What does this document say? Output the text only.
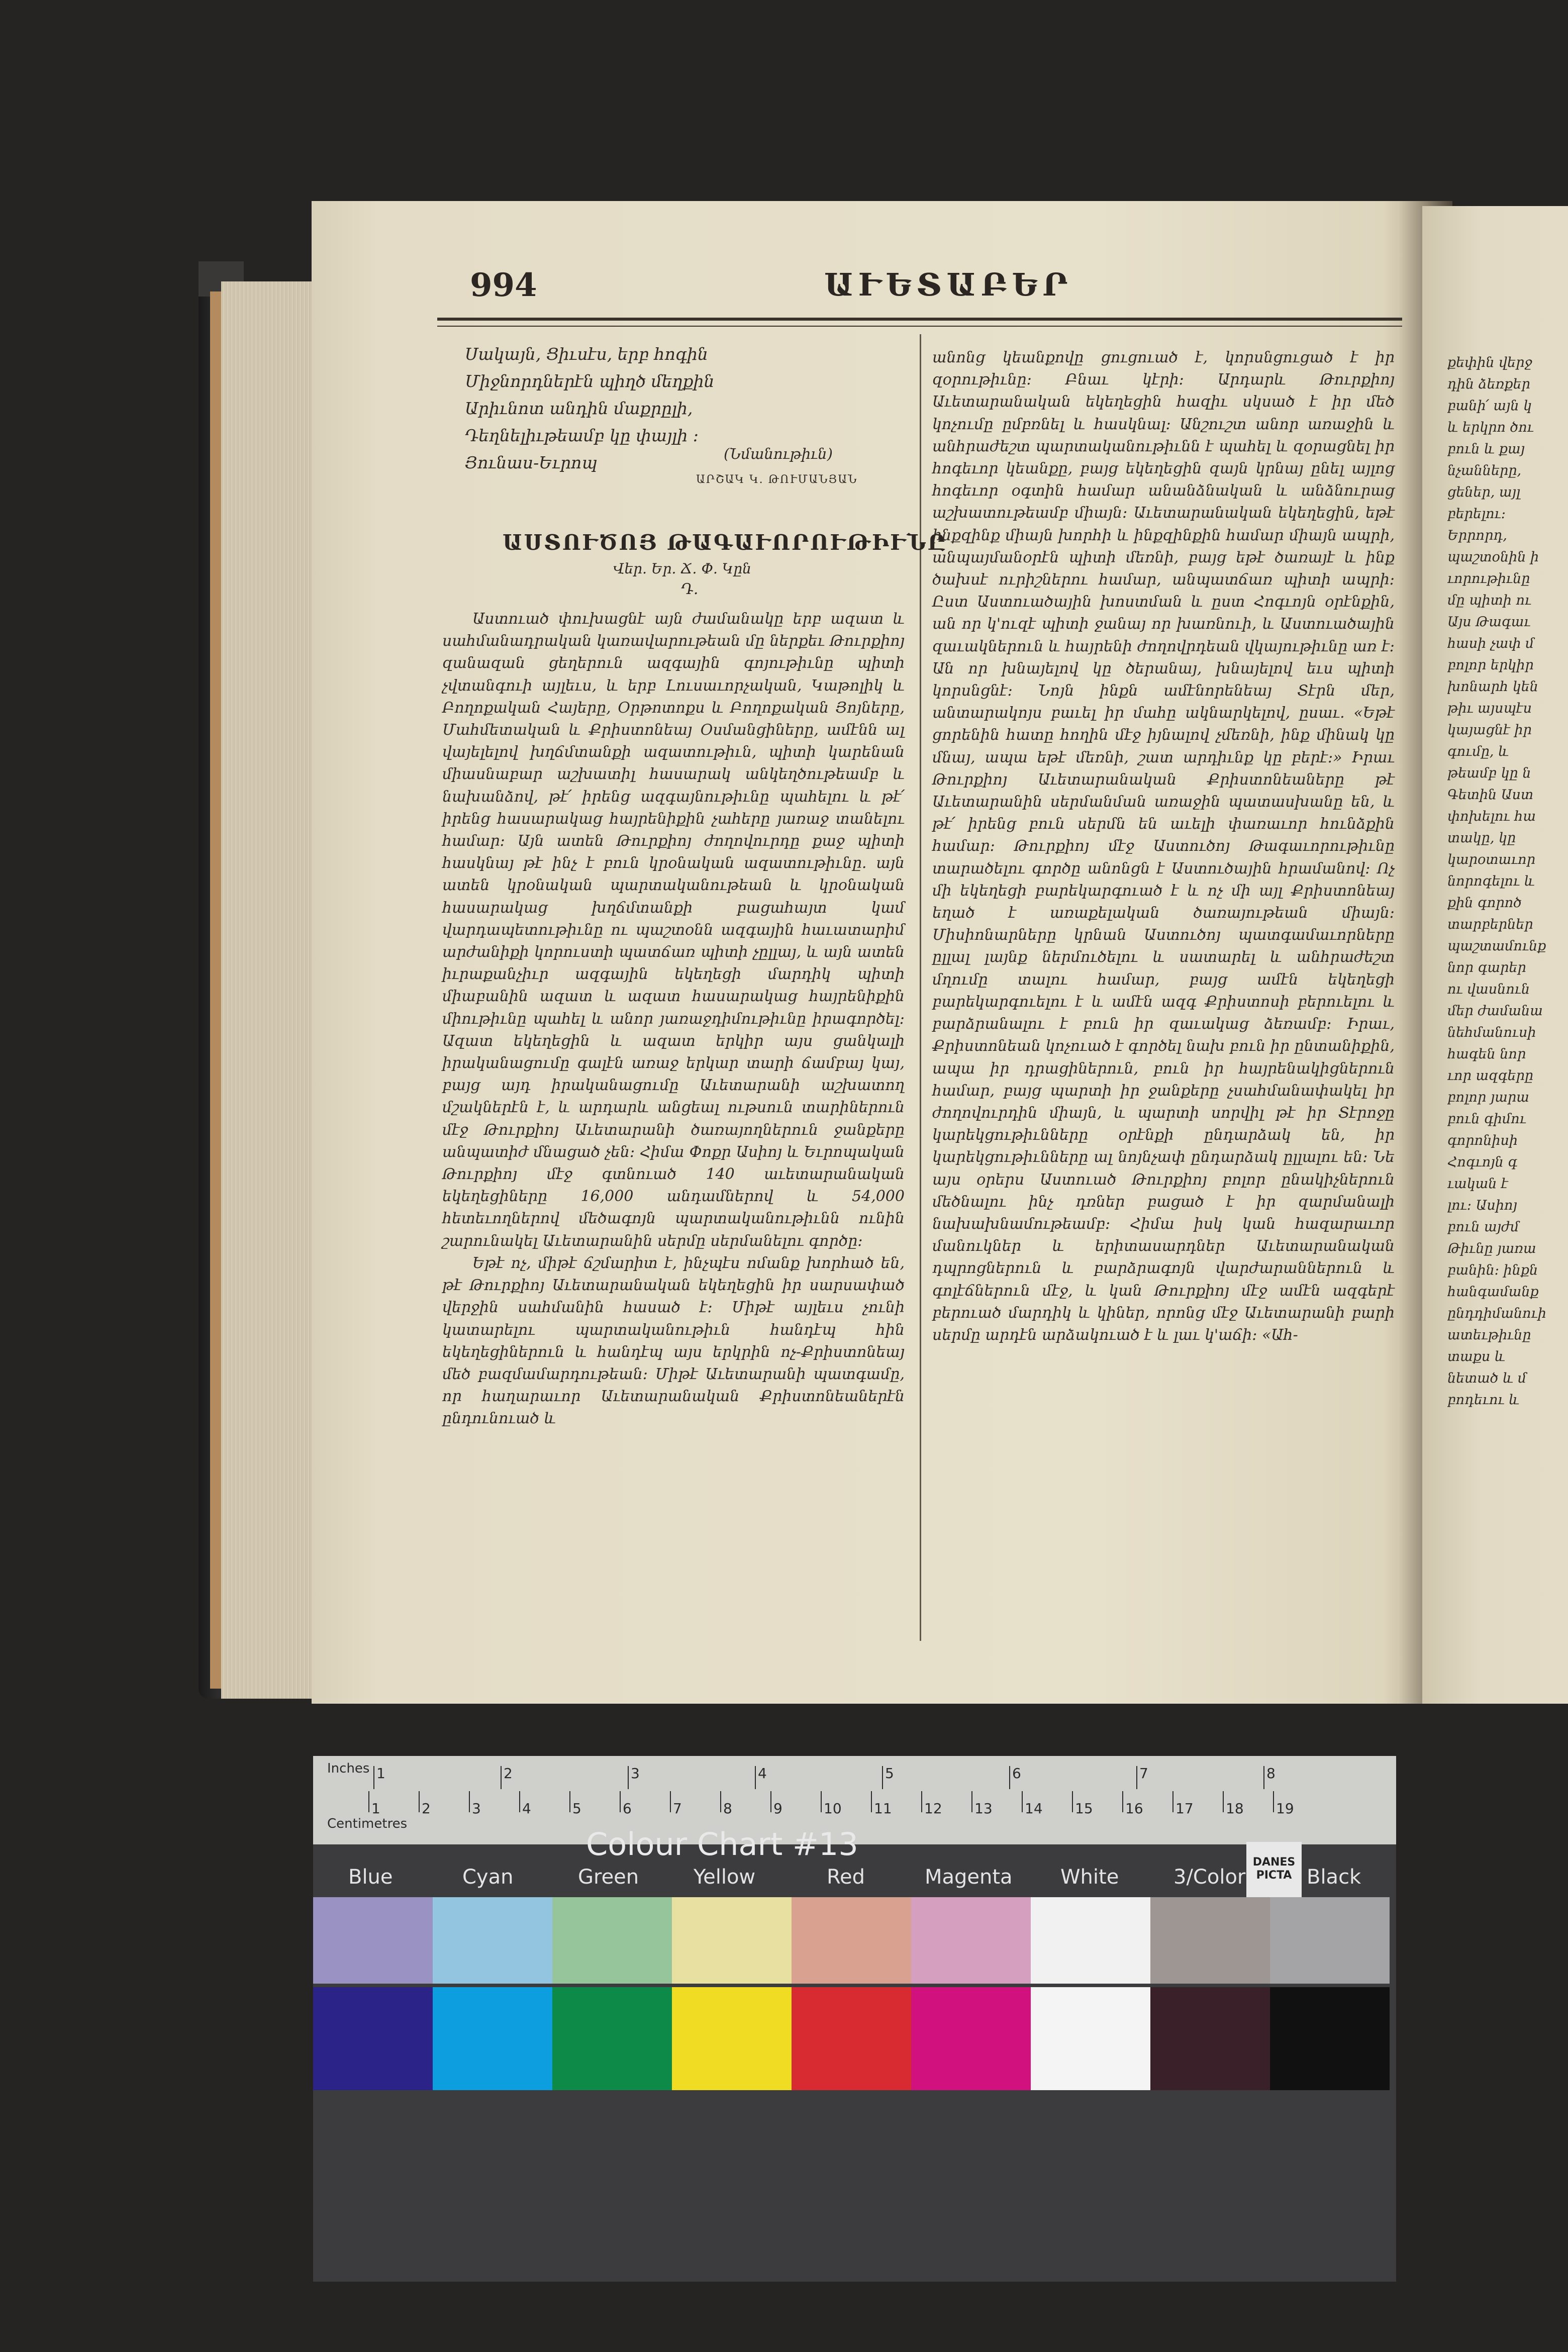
994	ԱՒԵՏԱԲԵՐ
Սակայն, Ցիւսէս, երբ հոգին
Միջնորդներէն պիղծ մեղքին
Արիւնոտ անդին մաքրըլի,
Դեղնելիւթեամբ կը փայլի ։
Յունաս-Եւրոպ	(Նմանութիւն)
ԱՐՇԱԿ Կ. ԹՈՒՄԱՆՅԱՆ
ԱՍՏՈՒԾՈՅ ԹԱԳԱՒՈՐՈՒԹԻՒՆԸ
Վեր. Եր. Ճ. Փ. Կըն
Դ.

Աստուած փուխացնէ այն ժամանակը երբ ազատ և սահմանադրական կառավարութեան մը ներքեւ Թուրքիոյ զանազան ցեղերուն ազգային գոյութիւնը պիտի չվտանգուի այլեւս, և երբ Լուսաւորչական, Կաթոլիկ և Բողոքական Հայերը, Օրթոտոքս և Բողոքական Յոյները, Մահմետական և Քրիստոնեայ Օսմանցիները, ամէնն ալ վայելելով խղճմտանքի ազատութիւն, պիտի կարենան միասնաբար աշխատիլ հասարակ անկեղծութեամբ և նախանձով, թէ՛ իրենց ազգայնութիւնը պահելու և թէ՛ իրենց հասարակաց հայրենիքին չահերը յառաջ տանելու համար։ Այն ատեն Թուրքիոյ ժողովուրդը քաջ պիտի հասկնայ թէ ինչ է բուն կրօնական ազատութիւնը. այն ատեն կրօնական պարտականութեան և կրօնական հասարակաց խղճմտանքի բացահայտ կամ վարդապետութիւնը ու պաշտօնն ազգային հաւատարիմ արժանիքի կորուստի պատճառ պիտի չըլլայ, և այն ատեն իւրաքանչիւր ազգային եկեղեցի մարդիկ պիտի միաբանին ազատ և ազատ հասարակաց հայրենիքին միութիւնը պահել և անոր յառաջդիմութիւնը իրագործել։ Ազատ եկեղեցին և ազատ երկիր այս ցանկալի իրականացումը գալէն առաջ երկար տարի ճամբայ կայ, բայց այդ իրականացումը Աւետարանի աշխատող մշակներէն է, և արդարև անցեալ ութսուն տարիներուն մէջ Թուրքիոյ Աւետարանի ծառայողներուն ջանքերը անպատիժ մնացած չեն։ Հիմա Փոքր Ասիոյ և Եւրոպական Թուրքիոյ մէջ գտնուած 140 աւետարանական եկեղեցիները 16,000 անդամներով և 54,000 հետեւողներով մեծագոյն պարտականութիւնն ունին շարունակել Աւետարանին սերմը սերմանելու գործը։

Եթէ ոչ, միթէ ճշմարիտ է, ինչպէս ոմանք խորհած են, թէ Թուրքիոյ Աւետարանական եկեղեցին իր սարսափած վերջին սահմանին հասած է։ Միթէ այլեւս չունի կատարելու պարտականութիւն հանդէպ հին եկեղեցիներուն և հանդէպ այս երկրին ոչ-Քրիստոնեայ մեծ բազմամարդութեան։ Միթէ Աւետարանի պատգամը, որ հաղարաւոր Աւետարանական Քրիստոնեաներէն ընդունուած և

անոնց կեանքովը ցուցուած է, կորսնցուցած է իր զօրութիւնը։ Բնաւ կէրի։ Արդարև Թուրքիոյ Աւետարանական եկեղեցին հազիւ սկսած է իր մեծ կոչումը ըմբռնել և հասկնալ։ Անշուշտ անոր առաջին և անհրաժեշտ պարտականութիւնն է պահել և զօրացնել իր հոգեւոր կեանքը, բայց եկեղեցին զայն կրնայ ընել այլոց հոգեւոր օգտին համար անանձնական և անձնուրաց աշխատութեամբ միայն։ Աւետարանական եկեղեցին, եթէ ինքզինք միայն խորհի և ինքզինքին համար միայն ապրի, անպայմանօրէն պիտի մեռնի, բայց եթէ ծառայէ և ինք ծախսէ ուրիշներու համար, անպատճառ պիտի ապրի։ Ըստ Աստուածային խոստման և ըստ Հոգւոյն օրէնքին, ան որ կ'ուզէ պիտի ջանայ որ խառնուի, և Աստուածային զաւակներուն և հայրենի ժողովրդեան վկայութիւնը առ է։ Ան որ խնայելով կը ծերանայ, խնայելով եւս պիտի կորսնցնէ։ Նոյն ինքն ամէնորենեայ Տէրն մեր, անտարակոյս բաւել իր մահը ակնարկելով, ըսաւ. «Եթէ ցորենին հատը հողին մէջ իյնալով չմեռնի, ինք մինակ կը մնայ, ապա եթէ մեռնի, շատ արդիւնք կը բերէ։» Իրաւ Թուրքիոյ Աւետարանական Քրիստոնեաները թէ Աւետարանին սերմանման առաջին պատասխանը են, և թէ՛ իրենց բուն սերմն են աւելի փառաւոր հունձքին համար։ Թուրքիոյ մէջ Աստուծոյ Թագաւորութիւնը տարածելու գործը անոնցն է Աստուծային հրամանով։ Ոչ մի եկեղեցի բարեկարգուած է և ոչ մի այլ Քրիստոնեայ եղած է առաքելական ծառայութեան միայն։ Միսիոնարները կրնան Աստուծոյ պատգամաւորները ըլլալ լայնք ներմուծելու և սատարել և անհրաժեշտ մղումը տալու համար, բայց ամէն եկեղեցի բարեկարգուելու է և ամէն ազգ Քրիստոսի բերուելու և բարձրանալու է բուն իր զաւակաց ձեռամբ։ Իրաւ, Քրիստոնեան կոչուած է գործել նախ բուն իր ընտանիքին, ապա իր դրացիներուն, բուն իր հայրենակիցներուն համար, բայց պարտի իր ջանքերը չսահմանափակել իր ժողովուրդին միայն, և պարտի սորվիլ թէ իր Տէրոջը կարեկցութիւնները օրէնքի ընդարձակ են, իր կարեկցութիւնները ալ նոյնչափ ընդարձակ ըլլալու են։ Նե այս օրերս Աստուած Թուրքիոյ բոլոր ընակիչներուն մեծնալու ինչ դռներ բացած է իր զարմանալի նախախնամութեամբ։ Հիմա իսկ կան հազարաւոր մանուկներ և երիտասարդներ Աւետարանական դպրոցներուն և բարձրագոյն վարժարաններուն և գոլէճներուն մէջ, և կան Թուրքիոյ մէջ ամէն ազգերէ բերուած մարդիկ և կիներ, որոնց մէջ Աւետարանի բարի սերմը արդէն արձակուած է և լաւ կ'աճի։ «Ահ-

քեփին վերջ
դին ձեռքեր
բանի՛ այն կ
և երկրո ծու
բուն և քայ
նչանները,
ցեներ, այլ
բերելու։
Երրորդ,
պաշտօնին ի
ւորութիւնը
մը պիտի ու
Այս Թագաւ
հասի չափ մ
բոլոր երկիր
խոնարհ կեն
թիւ այսպէս
կայացնէ իր
գումը, և
թեամբ կը ն
Գետին Աստ
փոխելու հա
տակը, կը
կարօտաւոր
նորոգելու և
քին գորոծ
տարբերներ
պաշտամունք
նոր գարեր
ու վասնուն
մեր ժամանա
նեհմանուսի
հագեն նոր
ւոր ազգերը
բոլոր յարա
բուն գիմու
գորոնիսի
Հոգւոյն գ
ւական է
լու։ Ասիոյ
բուն այժմ
Թիւնը յառա
բանին։ ինքն
հանգամանք
ընդդիմանուի
ատեւթիւնը
տաքս և
նետած և մ
բոդեւու և
Inches
Centimetres
1	2	3	4	5	6	7	8
1	2	3	4	5	6	7	8	9	10 11 12 13 14 15 16 17 18 19
Colour Chart #13
Blue	Cyan	Green	Yellow	Red	Magenta White	3/Color	Black
DANES
PICTA
